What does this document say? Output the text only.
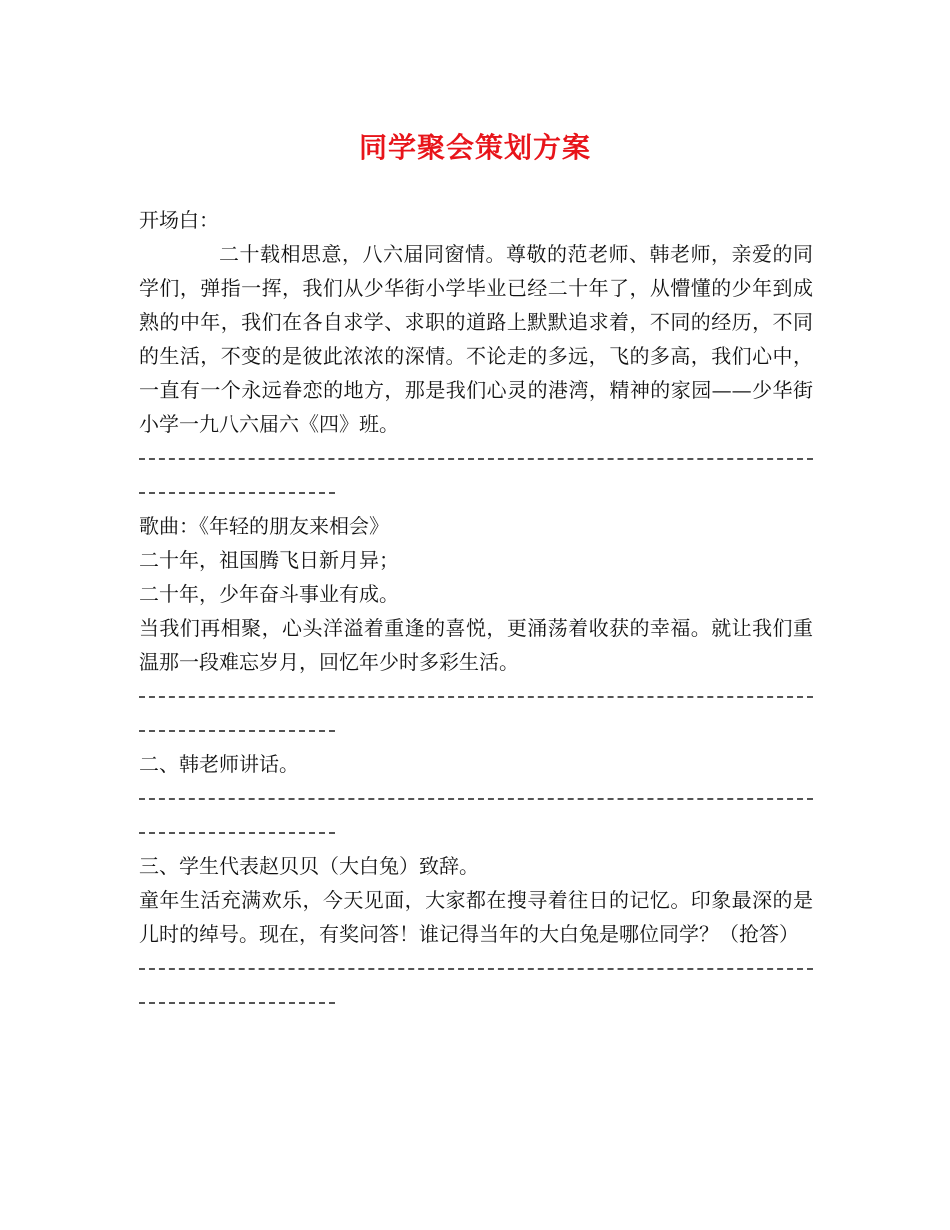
同学聚会策划方案
开场白：
二十载相思意，八六届同窗情。尊敬的范老师、韩老师，亲爱的同学们，弹指一挥，我们从少华街小学毕业已经二十年了，从懵懂的少年到成熟的中年，我们在各自求学、求职的道路上默默追求着，不同的经历，不同的生活，不变的是彼此浓浓的深情。不论走的多远，飞的多高，我们心中，一直有一个永远眷恋的地方，那是我们心灵的港湾，精神的家园——少华街小学一九八六届六《四》班。
歌曲：《年轻的朋友来相会》
二十年，祖国腾飞日新月异；
二十年，少年奋斗事业有成。
当我们再相聚，心头洋溢着重逢的喜悦，更涌荡着收获的幸福。就让我们重温那一段难忘岁月，回忆年少时多彩生活。
二、韩老师讲话。
三、学生代表赵贝贝（大白兔）致辞。
童年生活充满欢乐，今天见面，大家都在搜寻着往日的记忆。印象最深的是儿时的绰号。现在，有奖问答！谁记得当年的大白兔是哪位同学？（抢答）
